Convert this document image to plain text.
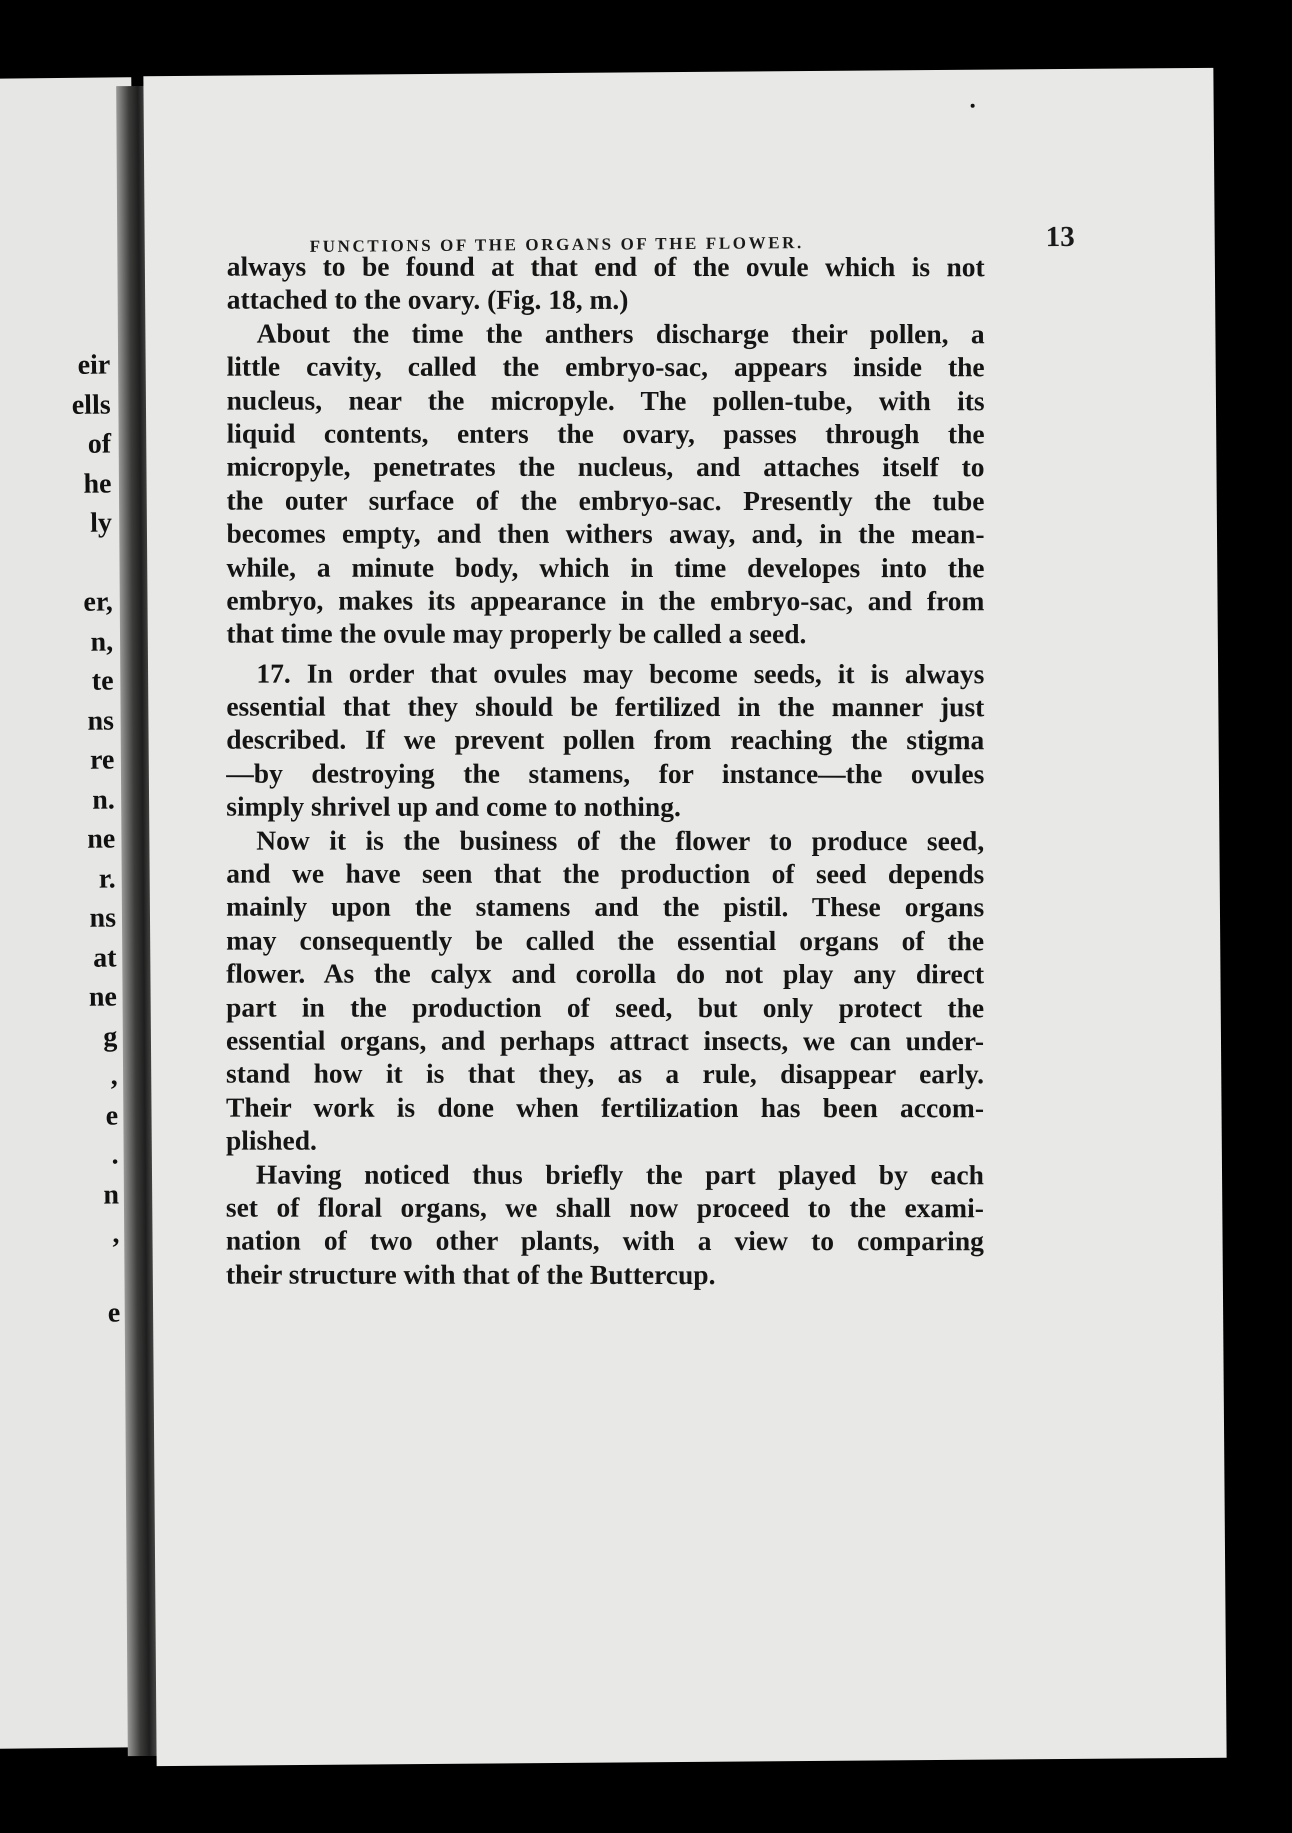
eir
ells
of
he
ly
er,
n,
te
ns
re
n.
ne
r.
ns
at
ne
g
,
e
.
n
,
e
FUNCTIONS OF THE ORGANS OF THE FLOWER.	13
always to be found at that end of the ovule which is not
attached to the ovary. (Fig. 18, m.)
About the time the anthers discharge their pollen, a
little cavity, called the embryo-sac, appears inside the
nucleus, near the micropyle. The pollen-tube, with its
liquid contents, enters the ovary, passes through the
micropyle, penetrates the nucleus, and attaches itself to
the outer surface of the embryo-sac. Presently the tube
becomes empty, and then withers away, and, in the mean-
while, a minute body, which in time developes into the
embryo, makes its appearance in the embryo-sac, and from
that time the ovule may properly be called a seed.
17. In order that ovules may become seeds, it is always
essential that they should be fertilized in the manner just
described. If we prevent pollen from reaching the stigma
—by destroying the stamens, for instance—the ovules
simply shrivel up and come to nothing.
Now it is the business of the flower to produce seed,
and we have seen that the production of seed depends
mainly upon the stamens and the pistil. These organs
may consequently be called the essential organs of the
flower. As the calyx and corolla do not play any direct
part in the production of seed, but only protect the
essential organs, and perhaps attract insects, we can under-
stand how it is that they, as a rule, disappear early.
Their work is done when fertilization has been accom-
plished.
Having noticed thus briefly the part played by each
set of floral organs, we shall now proceed to the exami-
nation of two other plants, with a view to comparing
their structure with that of the Buttercup.
